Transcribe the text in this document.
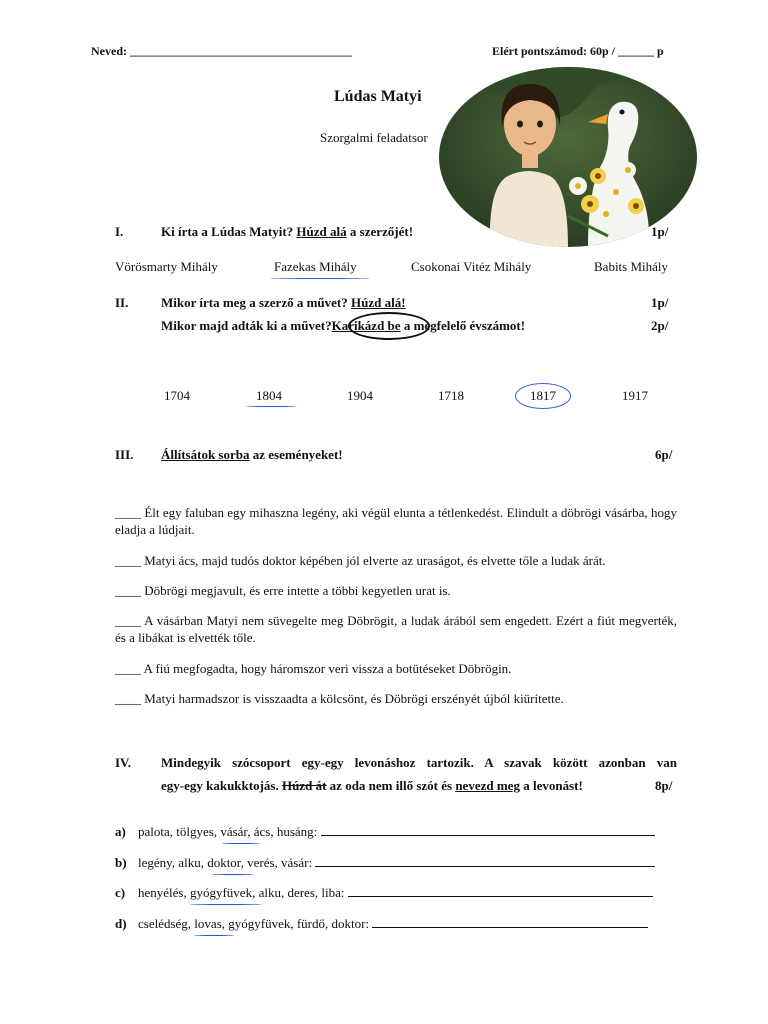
Neved: _____________________________________	Elért pontszámod: 60p / ______ p
Lúdas Matyi
Szorgalmi feladatsor
I.	Ki írta a Lúdas Matyit? Húzd alá a szerzőjét!	1p/
Vörösmarty Mihály	Fazekas Mihály	Csokonai Vitéz Mihály	Babits Mihály
II.	Mikor írta meg a szerző a művet? Húzd alá!	1p/
Mikor majd adták ki a művet?Karikázd be a megfelelő évszámot!	2p/
1704	1804	1904	1718	1817	1917
III. Állítsátok sorba az eseményeket!	6p/
____ Élt egy faluban egy mihaszna legény, aki végül elunta a tétlenkedést. Elindult a döbrögi vásárba, hogy eladja a lúdjait.
____ Matyi ács, majd tudós doktor képében jól elverte az uraságot, és elvette tőle a ludak árát.
____ Döbrögi megjavult, és erre intette a többi kegyetlen urat is.
____ A vásárban Matyi nem süvegelte meg Döbrögit, a ludak árából sem engedett. Ezért a fiút megverték, és a libákat is elvették tőle.
____ A fiú megfogadta, hogy háromszor veri vissza a botütéseket Döbrögin.
____ Matyi harmadszor is visszaadta a kölcsönt, és Döbrögi erszényét újból kiürítette.
IV. Mindegyik szócsoport egy-egy levonáshoz tartozik. A szavak között azonban van
egy-egy kakukktojás. Húzd át az oda nem illő szót és nevezd meg a levonást!	8p/
a) palota, tölgyes, vásár, ács, husáng:
b) legény, alku, doktor, verés, vásár:
c) henyélés, gyógyfüvek, alku, deres, liba:
d) cselédség, lovas, gyógyfüvek, fürdő, doktor:
